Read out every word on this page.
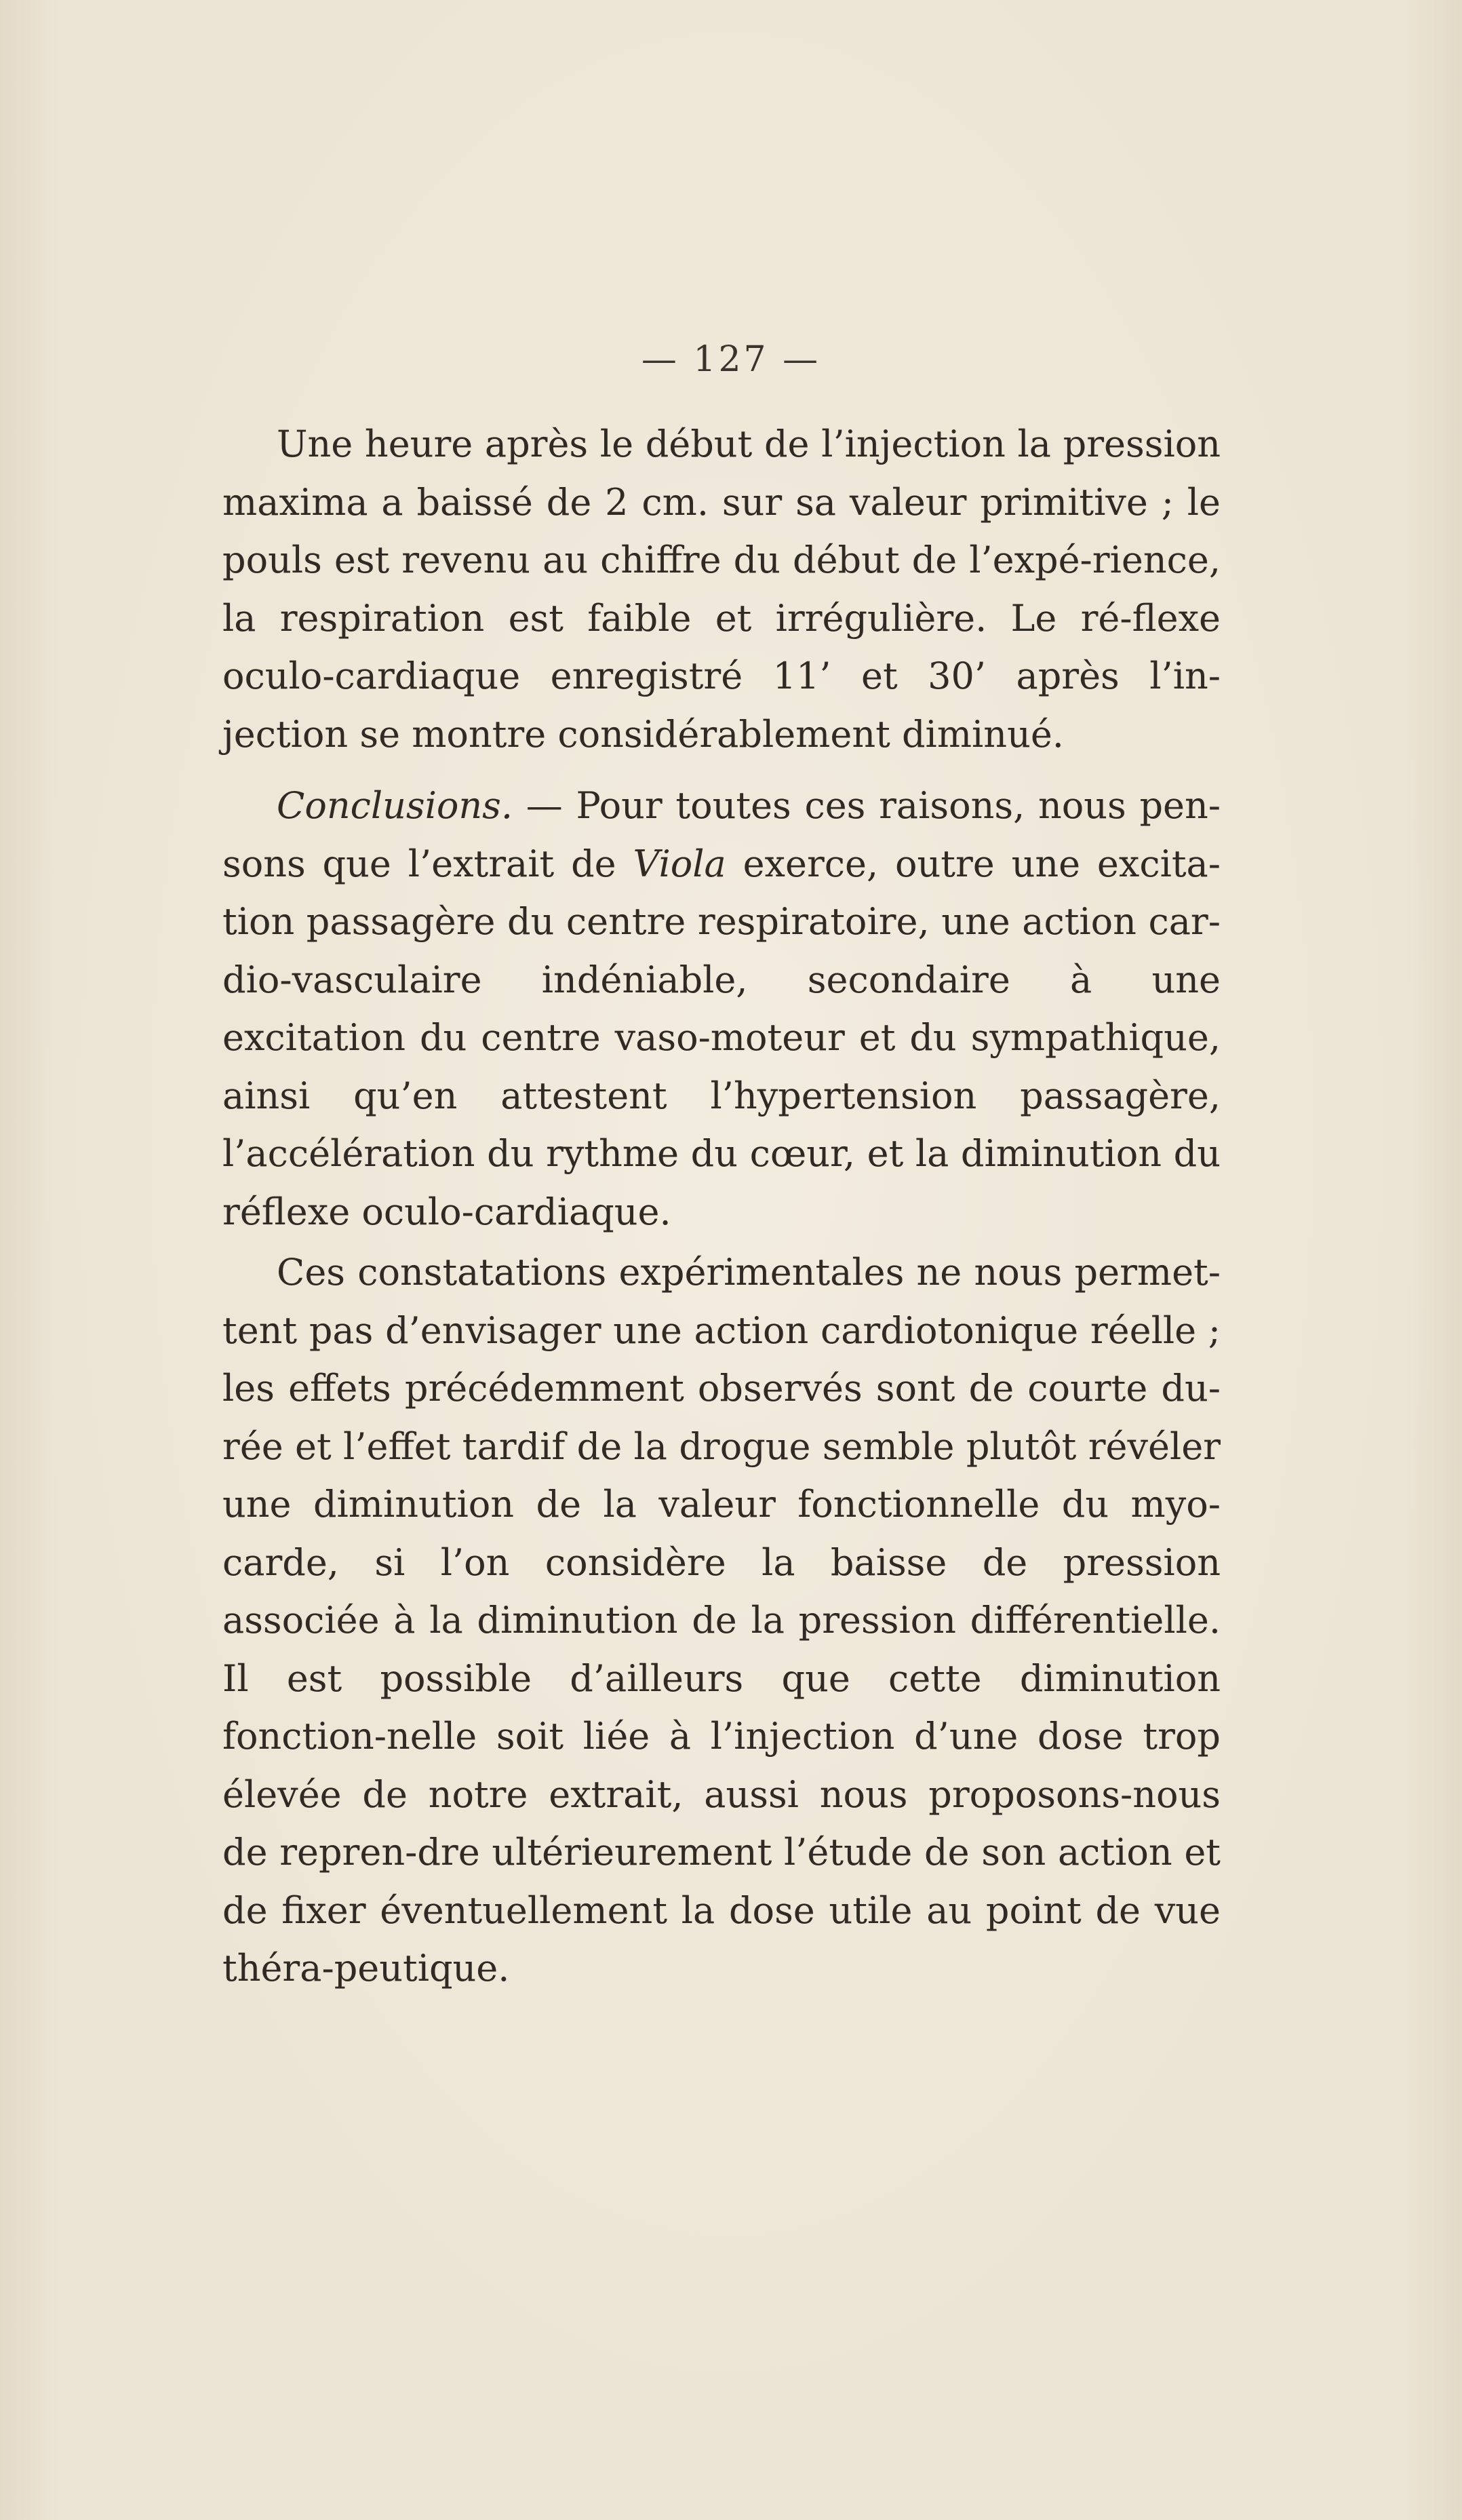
— 127 —

Une heure après le début de l’injection la pression maxima a baissé de 2 cm. sur sa valeur primitive ; le pouls est revenu au chiffre du début de l’expé-rience, la respiration est faible et irrégulière. Le ré-flexe oculo-cardiaque enregistré 11’ et 30’ après l’in-jection se montre considérablement diminué.

Conclusions. — Pour toutes ces raisons, nous pen-sons que l’extrait de Viola exerce, outre une excita-tion passagère du centre respiratoire, une action car-dio-vasculaire indéniable, secondaire à une excitation du centre vaso-moteur et du sympathique, ainsi qu’en attestent l’hypertension passagère, l’accélération du rythme du cœur, et la diminution du réflexe oculo-cardiaque.

Ces constatations expérimentales ne nous permet-tent pas d’envisager une action cardiotonique réelle ; les effets précédemment observés sont de courte du-rée et l’effet tardif de la drogue semble plutôt révéler une diminution de la valeur fonctionnelle du myo-carde, si l’on considère la baisse de pression associée à la diminution de la pression différentielle. Il est possible d’ailleurs que cette diminution fonction-nelle soit liée à l’injection d’une dose trop élevée de notre extrait, aussi nous proposons-nous de repren-dre ultérieurement l’étude de son action et de fixer éventuellement la dose utile au point de vue théra-peutique.
